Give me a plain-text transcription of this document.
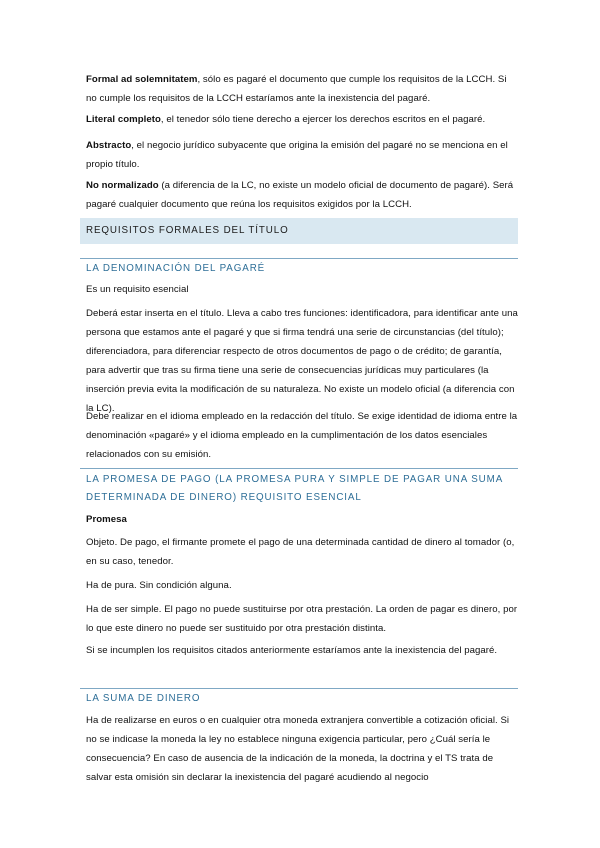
Formal ad solemnitatem, sólo es pagaré el documento que cumple los requisitos de la LCCH. Si no cumple los requisitos de la LCCH estaríamos ante la inexistencia del pagaré.
Literal completo, el tenedor sólo tiene derecho a ejercer los derechos escritos en el pagaré.
Abstracto, el negocio jurídico subyacente que origina la emisión del pagaré no se menciona en el propio título.
No normalizado (a diferencia de la LC, no existe un modelo oficial de documento de pagaré). Será pagaré cualquier documento que reúna los requisitos exigidos por la LCCH.
REQUISITOS FORMALES DEL TÍTULO
LA DENOMINACIÓN DEL PAGARÉ
Es un requisito esencial
Deberá estar inserta en el título. Lleva a cabo tres funciones: identificadora, para identificar ante una persona que estamos ante el pagaré y que si firma tendrá una serie de circunstancias (del título); diferenciadora, para diferenciar respecto de otros documentos de pago o de crédito; de garantía, para advertir que tras su firma tiene una serie de consecuencias jurídicas muy particulares (la inserción previa evita la modificación de su naturaleza. No existe un modelo oficial (a diferencia con la LC).
Debe realizar en el idioma empleado en la redacción del título. Se exige identidad de idioma entre la denominación «pagaré» y el idioma empleado en la cumplimentación de los datos esenciales relacionados con su emisión.
LA PROMESA DE PAGO (LA PROMESA PURA Y SIMPLE DE PAGAR UNA SUMA DETERMINADA DE DINERO) REQUISITO ESENCIAL
Promesa
Objeto. De pago, el firmante promete el pago de una determinada cantidad de dinero al tomador (o, en su caso, tenedor.
Ha de pura. Sin condición alguna.
Ha de ser simple. El pago no puede sustituirse por otra prestación. La orden de pagar es dinero, por lo que este dinero no puede ser sustituido por otra prestación distinta.
Si se incumplen los requisitos citados anteriormente estaríamos ante la inexistencia del pagaré.
LA SUMA DE DINERO
Ha de realizarse en euros o en cualquier otra moneda extranjera convertible a cotización oficial. Si no se indicase la moneda la ley no establece ninguna exigencia particular, pero ¿Cuál sería le consecuencia? En caso de ausencia de la indicación de la moneda, la doctrina y el TS trata de salvar esta omisión sin declarar la inexistencia del pagaré acudiendo al negocio
